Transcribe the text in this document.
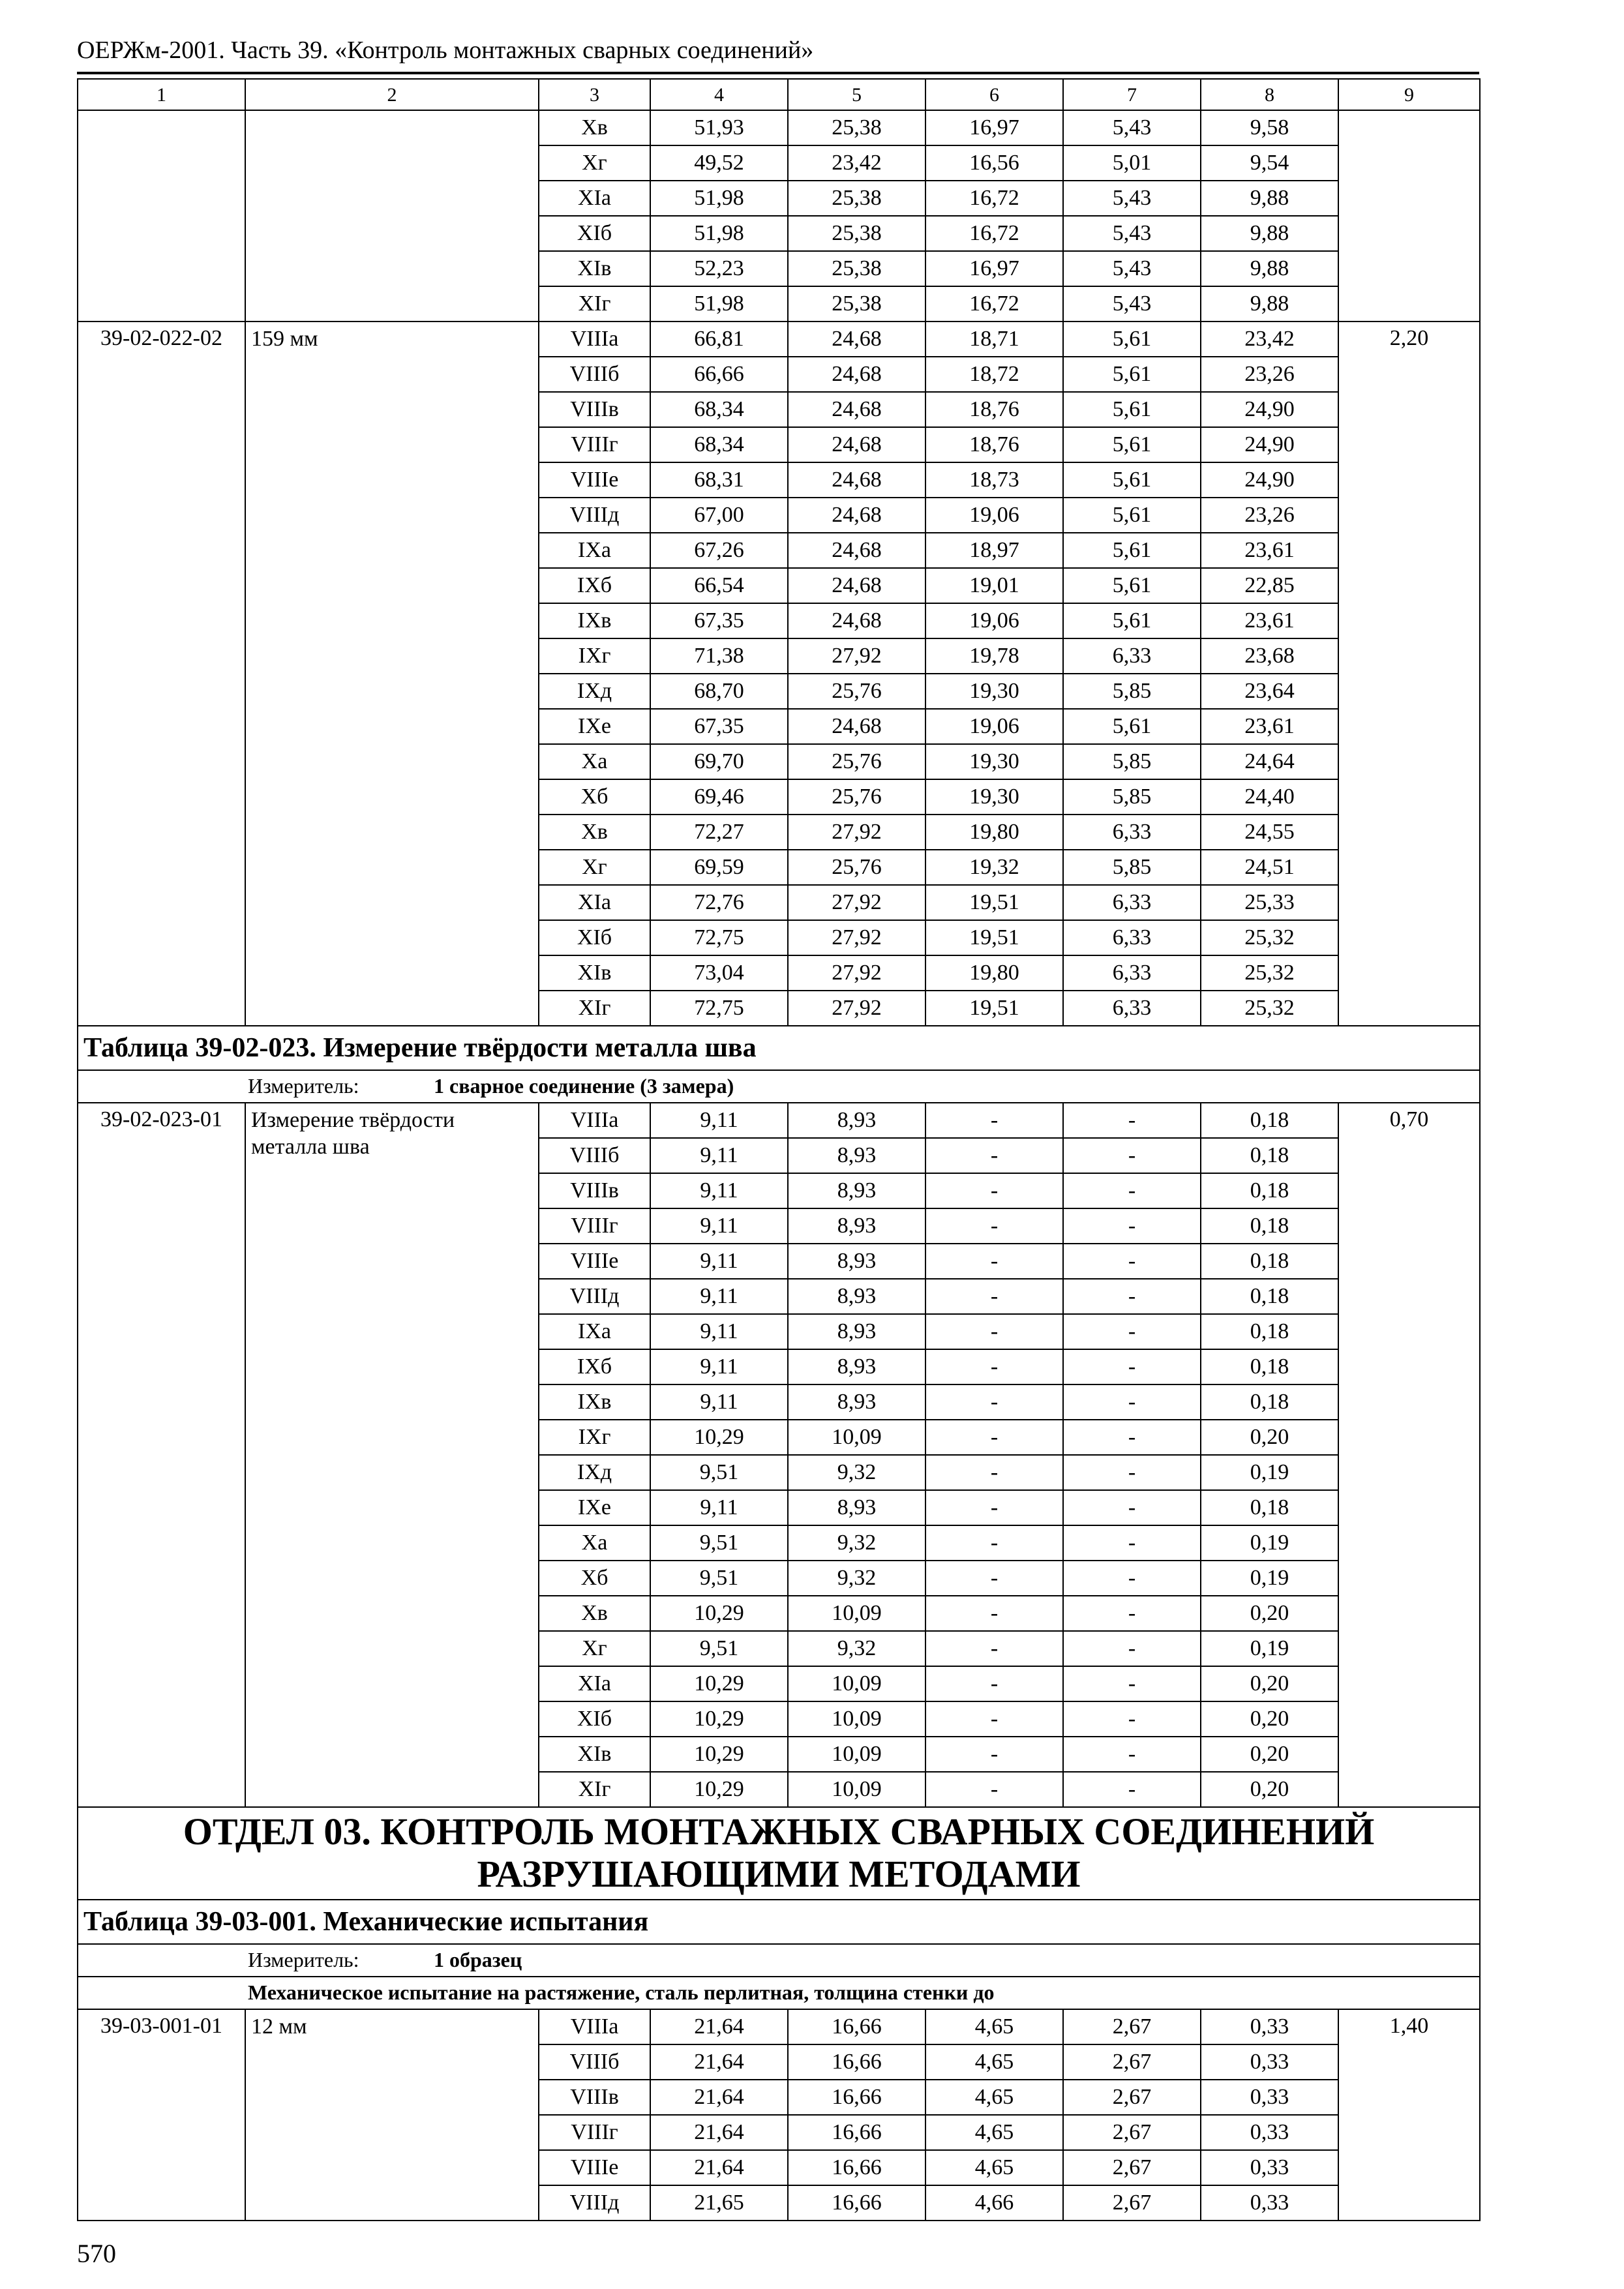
ОЕРЖм-2001. Часть 39. «Контроль монтажных сварных соединений»
1	2	3	4	5	6	7	8	9
		Xв	51,93	25,38	16,97	5,43	9,58	
		Xг	49,52	23,42	16,56	5,01	9,54	
		XIа	51,98	25,38	16,72	5,43	9,88	
		XIб	51,98	25,38	16,72	5,43	9,88	
		XIв	52,23	25,38	16,97	5,43	9,88	
		XIг	51,98	25,38	16,72	5,43	9,88	
39-02-022-02	159 мм	VIIIа	66,81	24,68	18,71	5,61	23,42	2,20
		VIIIб	66,66	24,68	18,72	5,61	23,26	
		VIIIв	68,34	24,68	18,76	5,61	24,90	
		VIIIг	68,34	24,68	18,76	5,61	24,90	
		VIIIе	68,31	24,68	18,73	5,61	24,90	
		VIIIд	67,00	24,68	19,06	5,61	23,26	
		IXа	67,26	24,68	18,97	5,61	23,61	
		IXб	66,54	24,68	19,01	5,61	22,85	
		IXв	67,35	24,68	19,06	5,61	23,61	
		IXг	71,38	27,92	19,78	6,33	23,68	
		IXд	68,70	25,76	19,30	5,85	23,64	
		IXе	67,35	24,68	19,06	5,61	23,61	
		Xа	69,70	25,76	19,30	5,85	24,64	
		Xб	69,46	25,76	19,30	5,85	24,40	
		Xв	72,27	27,92	19,80	6,33	24,55	
		Xг	69,59	25,76	19,32	5,85	24,51	
		XIа	72,76	27,92	19,51	6,33	25,33	
		XIб	72,75	27,92	19,51	6,33	25,32	
		XIв	73,04	27,92	19,80	6,33	25,32	
		XIг	72,75	27,92	19,51	6,33	25,32	
Таблица 39-02-023. Измерение твёрдости металла шва								
Измеритель: 1 сварное соединение (3 замера)								
39-02-023-01	Измерение твёрдости металла шва	VIIIа	9,11	8,93	-	-	0,18	0,70
		VIIIб	9,11	8,93	-	-	0,18	
		VIIIв	9,11	8,93	-	-	0,18	
		VIIIг	9,11	8,93	-	-	0,18	
		VIIIе	9,11	8,93	-	-	0,18	
		VIIIд	9,11	8,93	-	-	0,18	
		IXа	9,11	8,93	-	-	0,18	
		IXб	9,11	8,93	-	-	0,18	
		IXв	9,11	8,93	-	-	0,18	
		IXг	10,29	10,09	-	-	0,20	
		IXд	9,51	9,32	-	-	0,19	
		IXе	9,11	8,93	-	-	0,18	
		Xа	9,51	9,32	-	-	0,19	
		Xб	9,51	9,32	-	-	0,19	
		Xв	10,29	10,09	-	-	0,20	
		Xг	9,51	9,32	-	-	0,19	
		XIа	10,29	10,09	-	-	0,20	
		XIб	10,29	10,09	-	-	0,20	
		XIв	10,29	10,09	-	-	0,20	
		XIг	10,29	10,09	-	-	0,20	
ОТДЕЛ 03. КОНТРОЛЬ МОНТАЖНЫХ СВАРНЫХ СОЕДИНЕНИЙ
РАЗРУШАЮЩИМИ МЕТОДАМИ								
Таблица 39-03-001. Механические испытания								
Измеритель: 1 образец								
Механическое испытание на растяжение, сталь перлитная, толщина стенки до								
39-03-001-01	12 мм	VIIIа	21,64	16,66	4,65	2,67	0,33	1,40
		VIIIб	21,64	16,66	4,65	2,67	0,33	
		VIIIв	21,64	16,66	4,65	2,67	0,33	
		VIIIг	21,64	16,66	4,65	2,67	0,33	
		VIIIе	21,64	16,66	4,65	2,67	0,33	
		VIIIд	21,65	16,66	4,66	2,67	0,33	
570
